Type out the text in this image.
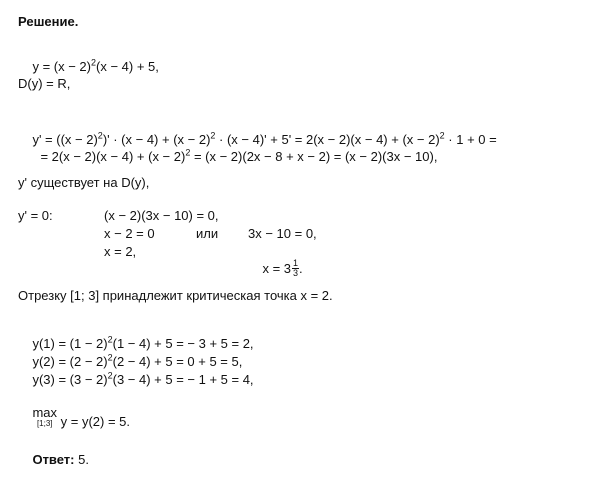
Решение.

$y = (x - 2)^2(x - 4) + 5$,

D(y) = R,

$y' = ((x - 2)^2)' \cdot (x - 4) + (x - 2)^2 \cdot (x - 4)' + 5' = 2(x - 2)(x - 4) + (x - 2)^2 \cdot 1 + 0$ =

= $2(x - 2)(x - 4) + (x - 2)^2 = (x - 2)(2x - 8 + x - 2) = (x - 2)(3x - 10)$,

y' существует на D(y),
y' = 0:	(x − 2)(3x − 10) = 0,
x − 2 = 0	или 3x − 10 = 0,
x = 2,

$x = 3 \frac{1}{3}$ .

Отрезку [1; 3] принадлежит критическая точка x = 2.

$y(1) = (1 - 2)^2(1 - 4) + 5$ = − 3 + 5 = 2,

$y(2) = (2 - 2)^2(2 - 4) + 5 = 0 + 5 = 5$,

$y(3) = (3 - 2)^2(3 - 4) + 5$ = − 1 + 5 = 4,

max
[1;3] y = y(2) = 5.

Ответ: 5.
